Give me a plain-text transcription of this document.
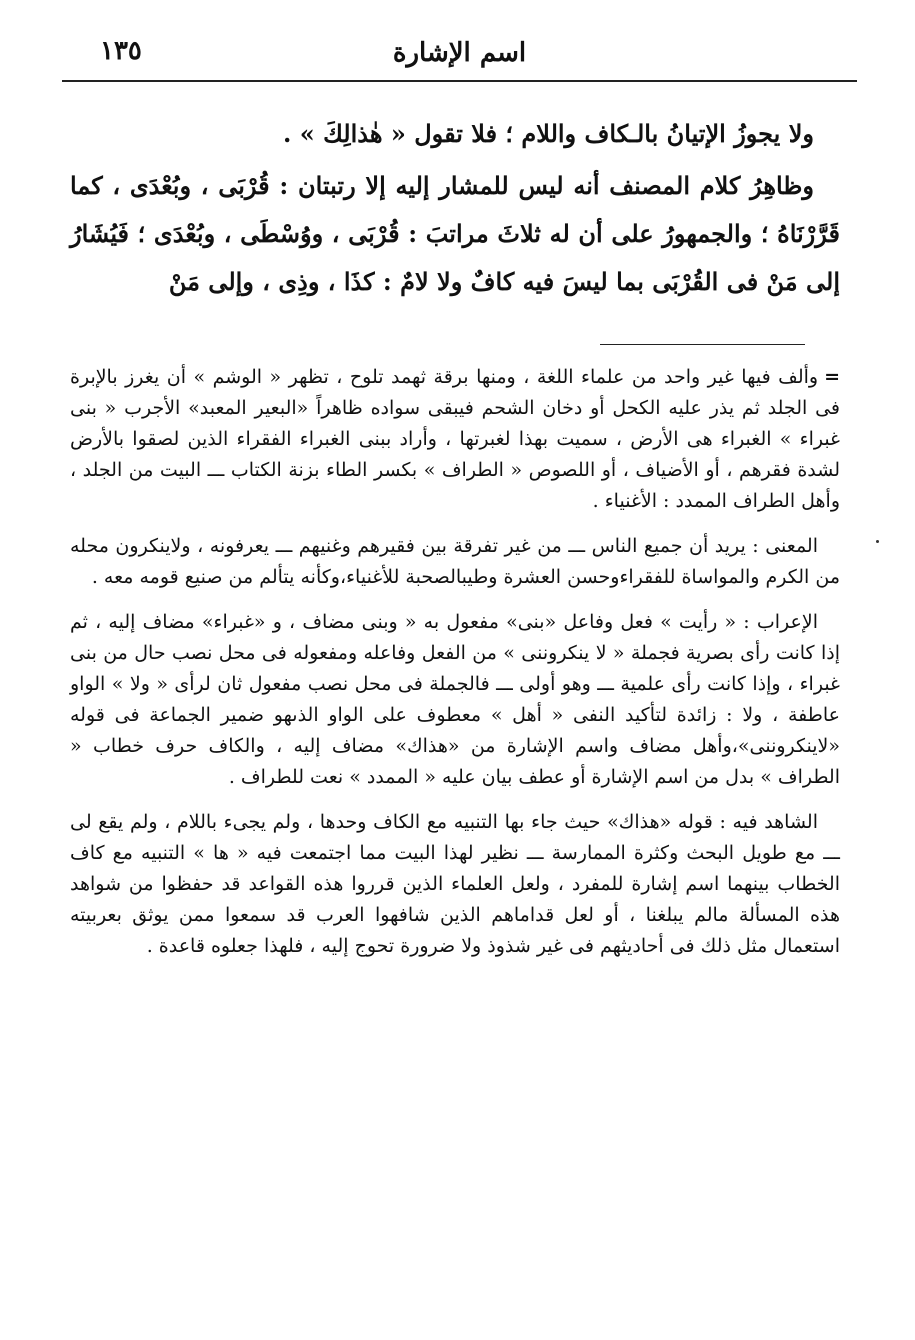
١٣٥	اسم الإشارة

ولا يجوزُ الإتيانُ بالـكاف واللام ؛ فلا تقول « هٰذالِكَ » .

وظاهِرُ كلام المصنف أنه ليس للمشار إليه إلا رتبتان : قُرْبَى ، وبُعْدَى ، كما قَرَّرْنَاهُ ؛ والجمهورُ على أن له ثلاثَ مراتبَ : قُرْبَى ، ووُسْطَى ، وبُعْدَى ؛ فَيُشَارُ إلى مَنْ فى القُرْبَى بما ليسَ فيه كافٌ ولا لامٌ : كذَا ، وذِى ، وإلى مَنْ

=وألف فيها غير واحد من علماء اللغة ، ومنها برقة ثهمد تلوح ، تظهر « الوشم » أن يغرز بالإبرة فى الجلد ثم يذر عليه الكحل أو دخان الشحم فيبقى سواده ظاهراً «البعير المعبد» الأجرب « بنى غبراء » الغبراء هى الأرض ، سميت بهذا لغبرتها ، وأراد ببنى الغبراء الفقراء الذين لصقوا بالأرض لشدة فقرهم ، أو الأضياف ، أو اللصوص « الطراف » بكسر الطاء بزنة الكتاب ـــ البيت من الجلد ، وأهل الطراف الممدد : الأغنياء .

المعنى : يريد أن جميع الناس ـــ من غير تفرقة بين فقيرهم وغنيهم ـــ يعرفونه ، ولاينكرون محله من الكرم والمواساة للفقراءوحسن العشرة وطيبالصحبة للأغنياء،وكأنه يتألم من صنيع قومه معه .

الإعراب : « رأيت » فعل وفاعل «بنى» مفعول به « وبنى مضاف ، و «غبراء» مضاف إليه ، ثم إذا كانت رأى بصرية فجملة « لا ينكروننى » من الفعل وفاعله ومفعوله فى محل نصب حال من بنى غبراء ، وإذا كانت رأى علمية ـــ وهو أولى ـــ فالجملة فى محل نصب مفعول ثان لرأى « ولا » الواو عاطفة ، ولا : زائدة لتأكيد النفى « أهل » معطوف على الواو الذىهو ضمير الجماعة فى قوله «لاينكروننى»،وأهل مضاف واسم الإشارة من «هذاك» مضاف إليه ، والكاف حرف خطاب « الطراف » بدل من اسم الإشارة أو عطف بيان عليه « الممدد » نعت للطراف .

الشاهد فيه : قوله «هذاك» حيث جاء بها التنبيه مع الكاف وحدها ، ولم يجىء باللام ، ولم يقع لى ـــ مع طويل البحث وكثرة الممارسة ـــ نظير لهذا البيت مما اجتمعت فيه « ها » التنبيه مع كاف الخطاب بينهما اسم إشارة للمفرد ، ولعل العلماء الذين قرروا هذه القواعد قد حفظوا من شواهد هذه المسألة مالم يبلغنا ، أو لعل قداماهم الذين شافهوا العرب قد سمعوا ممن يوثق بعربيته استعمال مثل ذلك فى أحاديثهم فى غير شذوذ ولا ضرورة تحوج إليه ، فلهذا جعلوه قاعدة .
